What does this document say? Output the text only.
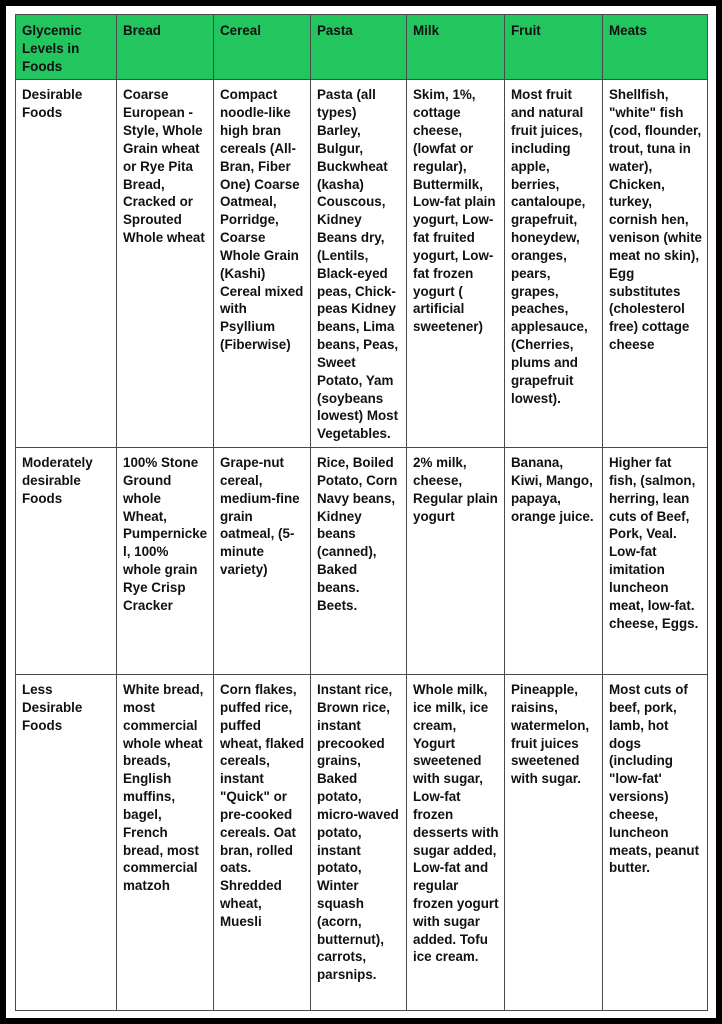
Glycemic Levels in Foods	Bread	Cereal	Pasta	Milk	Fruit	Meats
Desirable Foods	Coarse European - Style, Whole Grain wheat or Rye Pita Bread, Cracked or Sprouted Whole wheat	Compact noodle-like high bran cereals (All-Bran, Fiber One) Coarse Oatmeal, Porridge, Coarse Whole Grain (Kashi) Cereal mixed with Psyllium (Fiberwise)	Pasta (all types) Barley, Bulgur, Buckwheat (kasha) Couscous, Kidney Beans dry, (Lentils, Black-eyed peas, Chick-peas Kidney beans, Lima beans, Peas, Sweet Potato, Yam (soybeans lowest) Most Vegetables.	Skim, 1%, cottage cheese, (lowfat or regular), Buttermilk, Low-fat plain yogurt, Low-fat fruited yogurt, Low-fat frozen yogurt ( artificial sweetener)	Most fruit and natural fruit juices, including apple, berries, cantaloupe, grapefruit, honeydew, oranges, pears, grapes, peaches, applesauce, (Cherries, plums and grapefruit lowest).	Shellfish, "white" fish (cod, flounder, trout, tuna in water), Chicken, turkey, cornish hen, venison (white meat no skin), Egg substitutes (cholesterol free) cottage cheese
Moderately desirable Foods	100% Stone Ground whole Wheat, Pumpernickel, 100% whole grain Rye Crisp Cracker	Grape-nut cereal, medium-fine grain oatmeal, (5-minute variety)	Rice, Boiled Potato, Corn Navy beans, Kidney beans (canned), Baked beans. Beets.	2% milk, cheese, Regular plain yogurt	Banana, Kiwi, Mango, papaya, orange juice.	Higher fat fish, (salmon, herring, lean cuts of Beef, Pork, Veal. Low-fat imitation luncheon meat, low-fat. cheese, Eggs.
Less Desirable Foods	White bread, most commercial whole wheat breads, English muffins, bagel, French bread, most commercial matzoh	Corn flakes, puffed rice, puffed wheat, flaked cereals, instant "Quick" or pre-cooked cereals. Oat bran, rolled oats. Shredded wheat, Muesli	Instant rice, Brown rice, instant precooked grains, Baked potato, micro-waved potato, instant potato, Winter squash (acorn, butternut), carrots, parsnips.	Whole milk, ice milk, ice cream, Yogurt sweetened with sugar, Low-fat frozen desserts with sugar added, Low-fat and regular frozen yogurt with sugar added. Tofu ice cream.	Pineapple, raisins, watermelon, fruit juices sweetened with sugar.	Most cuts of beef, pork, lamb, hot dogs (including "low-fat' versions) cheese, luncheon meats, peanut butter.
